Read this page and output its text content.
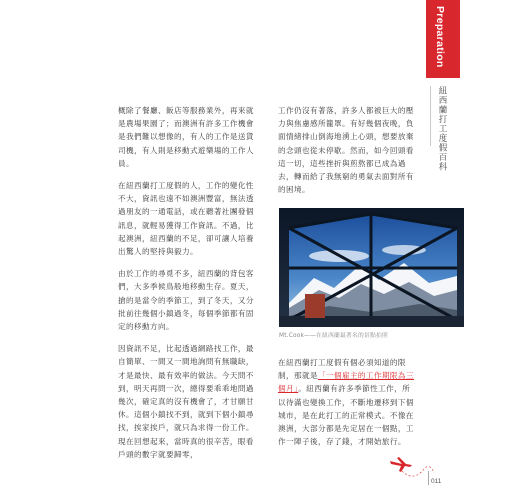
Preparation
紐西蘭打工度假百科

概除了餐廳、飯店等服務業外，再來就是農場果園了；而澳洲有許多工作機會是我們難以想像的，有人的工作是送貨司機，有人則是移動式遊樂場的工作人員。

在紐西蘭打工度假的人，工作的變化性不大，資訊也遠不如澳洲豐富，無法透過朋友的一通電話，或在聽著社團發個訊息，就輕易獲得工作資訊。不過，比起澳洲，紐西蘭的不足，卻可讓人培養出驚人的堅持與毅力。

由於工作的尋覓不多，紐西蘭的背包客們，大多季候鳥般地移動生存。夏天，搶的是當令的季節工，到了冬天，又分批前往幾個小鎮過冬，每個季節都有固定的移動方向。

因資訊不足，比起透過網路找工作，最自簡單、一間又一間地詢問有無職缺，才是最快、最有效率的做法。今天問不到，明天再問一次，總得要乖乖地問過幾次，確定真的沒有機會了，才甘願甘休。這個小鎮找不到，就到下個小鎮尋找，挨家挨戶，就只為求得一份工作。現在回想起來，當時真的很辛苦，眼看戶頭的數字就要歸零，

工作仍沒有著落，許多人都被巨大的壓力與焦慮感所籠罩。有好幾個夜晚，負面情緒排山倒海地湧上心頭，想要放棄的念頭也從未停歇。然而，如今回頭看這一切，這些挫折與煎熬都已成為過去，轉而給了我無窮的勇氣去面對所有的困境。

Mt.Cook——在紐西蘭最著名的景點拍照

在紐西蘭打工度假有個必須知道的限制，那就是「一個雇主的工作期限為三個月」。紐西蘭有許多季節性工作，所以待滿也變換工作，不斷地遷移到下個城市，是在此打工的正常模式。不像在澳洲，大部分都是先定居在一個點，工作一陣子後，存了錢，才開始旅行。

011
